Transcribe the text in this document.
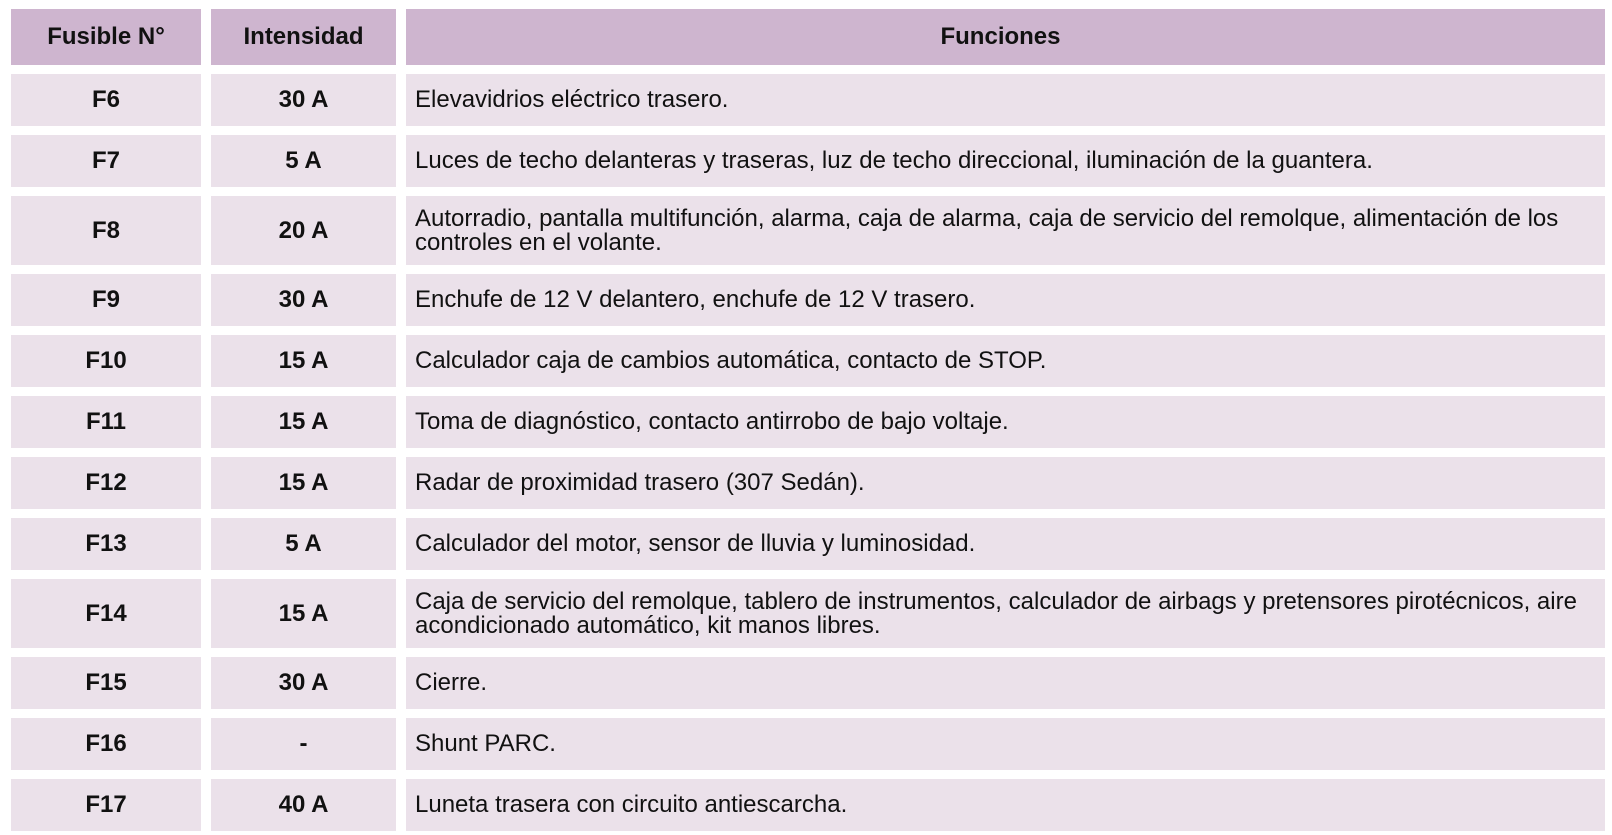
Fusible N°	Intensidad	Funciones
F6	30 A	Elevavidrios eléctrico trasero.
F7	5 A	Luces de techo delanteras y traseras, luz de techo direccional, iluminación de la guantera.
F8	20 A	Autorradio, pantalla multifunción, alarma, caja de alarma, caja de servicio del remolque, alimentación de los controles en el volante.
F9	30 A	Enchufe de 12 V delantero, enchufe de 12 V trasero.
F10	15 A	Calculador caja de cambios automática, contacto de STOP.
F11	15 A	Toma de diagnóstico, contacto antirrobo de bajo voltaje.
F12	15 A	Radar de proximidad trasero (307 Sedán).
F13	5 A	Calculador del motor, sensor de lluvia y luminosidad.
F14	15 A	Caja de servicio del remolque, tablero de instrumentos, calculador de airbags y pretensores pirotécnicos, aire acondicionado automático, kit manos libres.
F15	30 A	Cierre.
F16	-	Shunt PARC.
F17	40 A	Luneta trasera con circuito antiescarcha.
